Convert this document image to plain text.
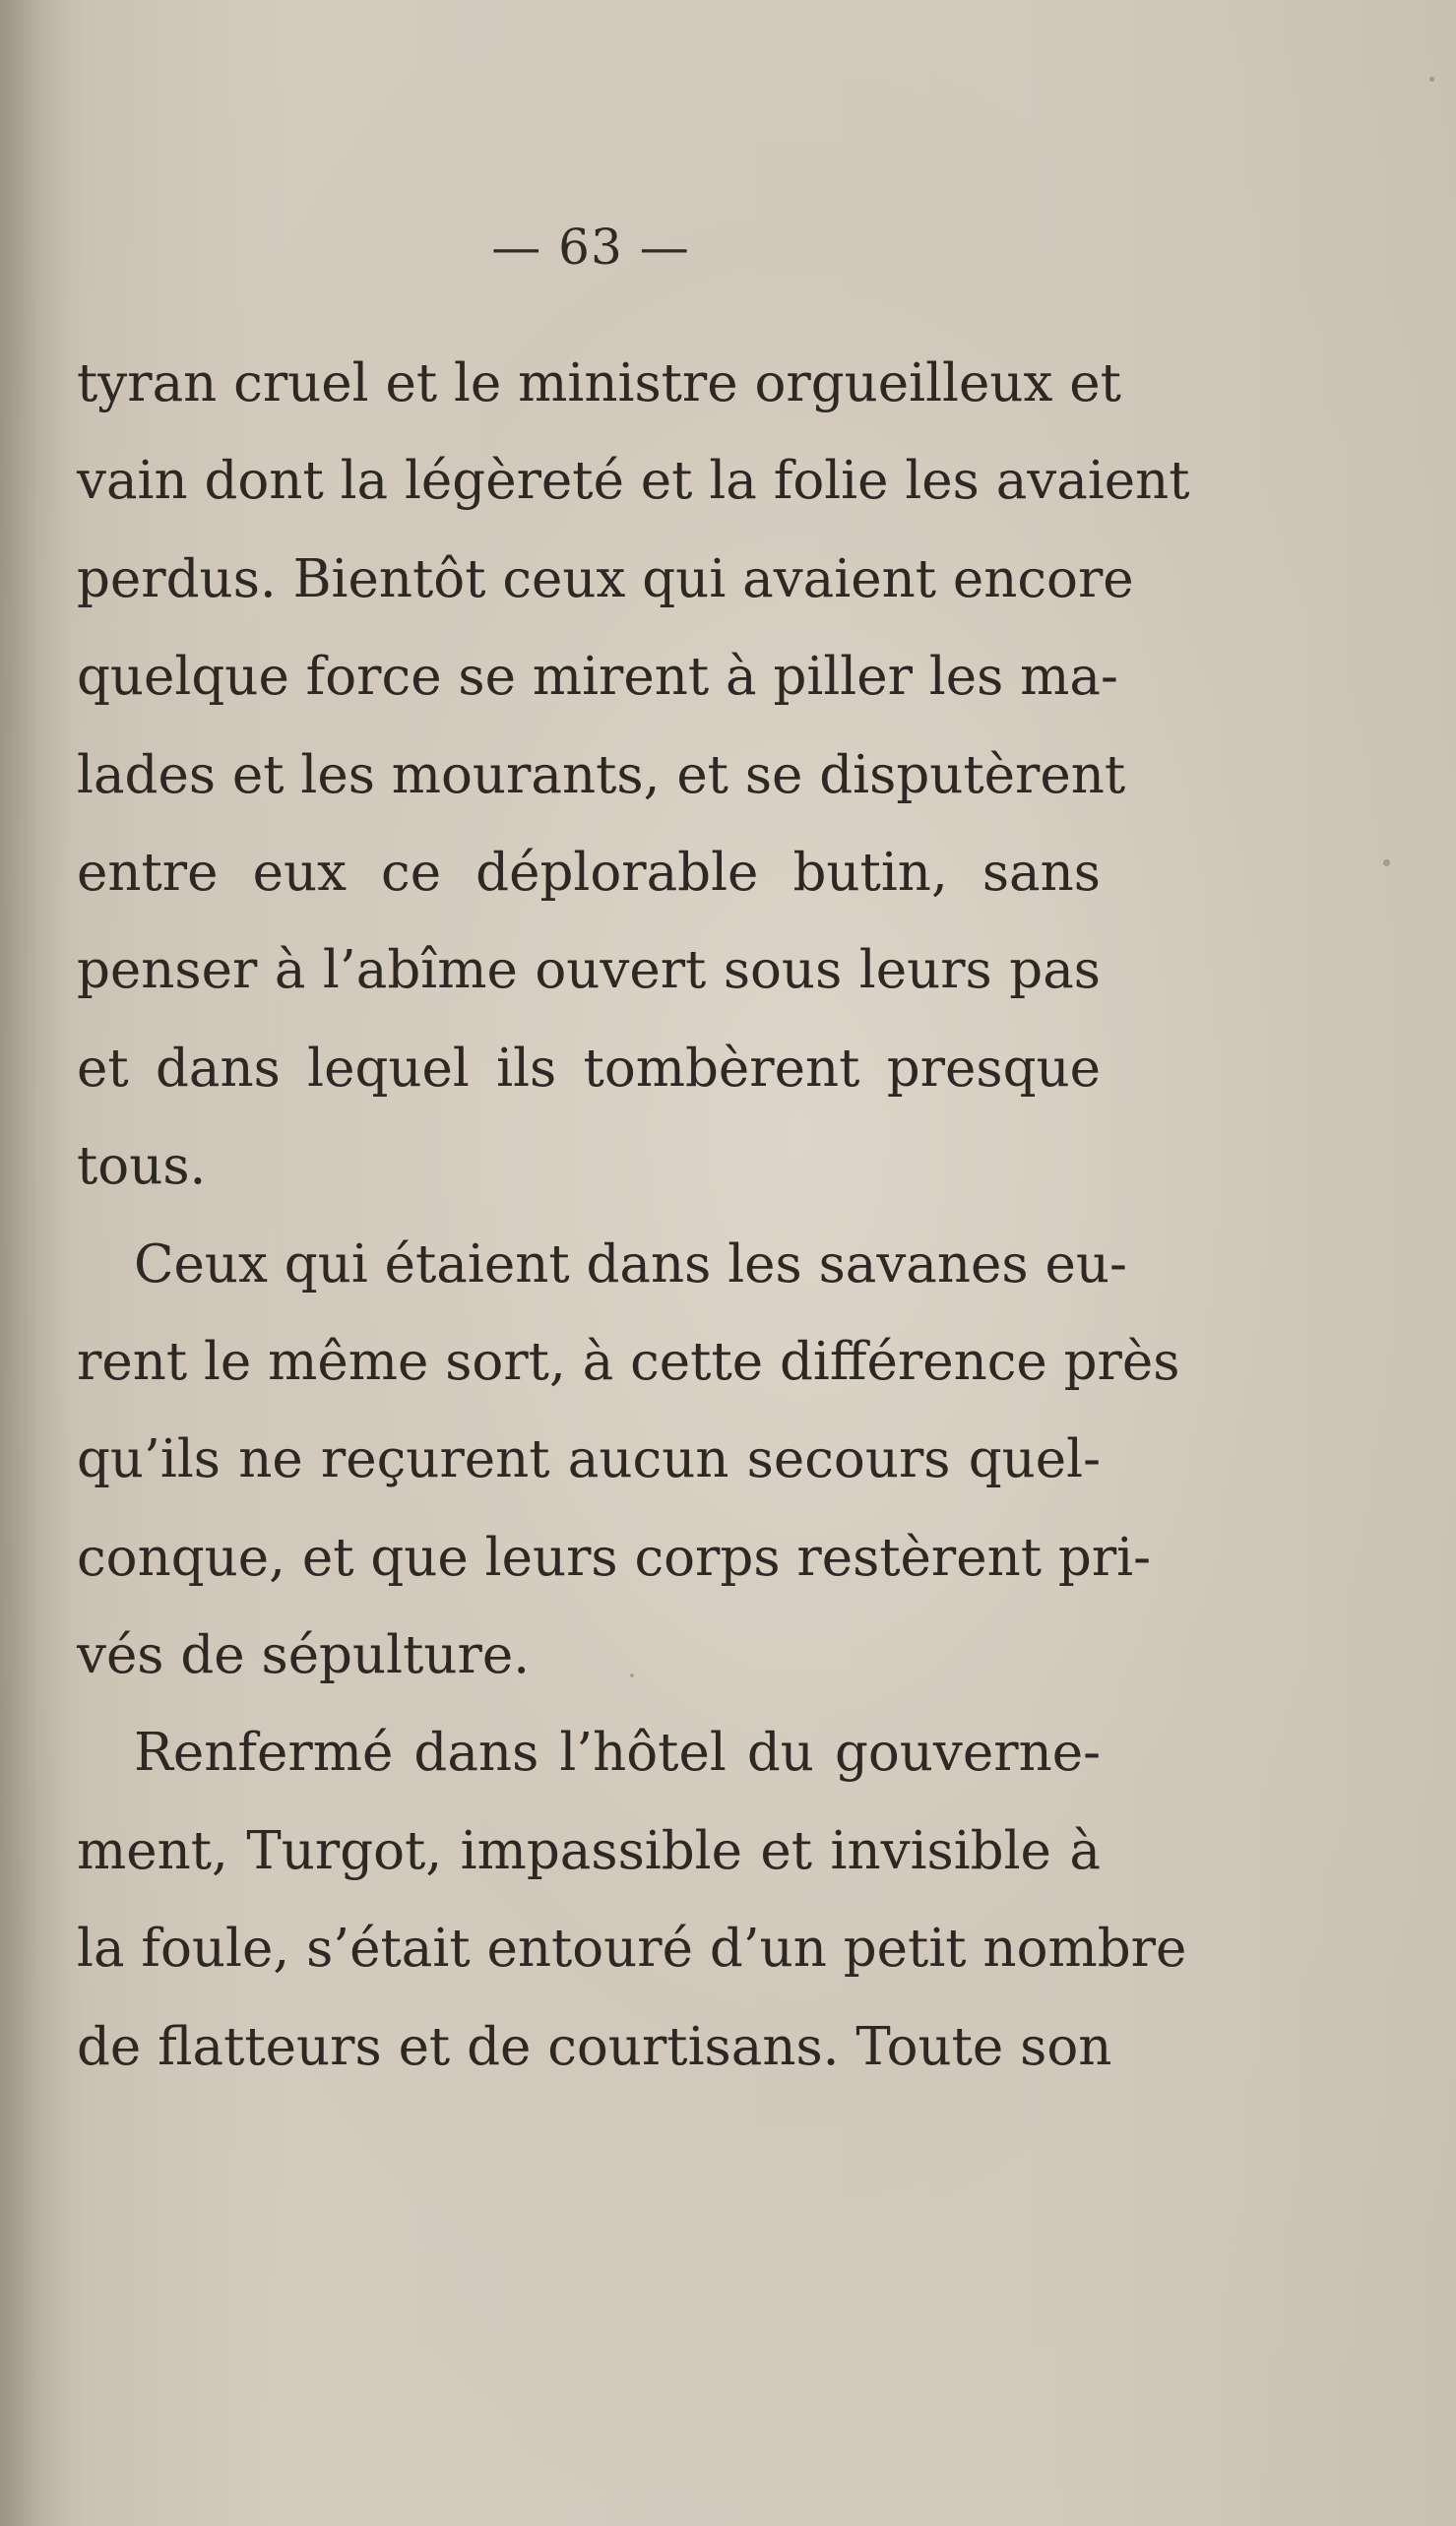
— 63 —
tyran cruel et le ministre orgueilleux et
vain dont la légèreté et la folie les avaient
perdus. Bientôt ceux qui avaient encore
quelque force se mirent à piller les ma-
lades et les mourants, et se disputèrent
entre eux ce déplorable butin, sans
penser à l’abîme ouvert sous leurs pas
et dans lequel ils tombèrent presque
tous.
Ceux qui étaient dans les savanes eu-
rent le même sort, à cette différence près
qu’ils ne reçurent aucun secours quel-
conque, et que leurs corps restèrent pri-
vés de sépulture.
Renfermé dans l’hôtel du gouverne-
ment, Turgot, impassible et invisible à
la foule, s’était entouré d’un petit nombre
de flatteurs et de courtisans. Toute son
